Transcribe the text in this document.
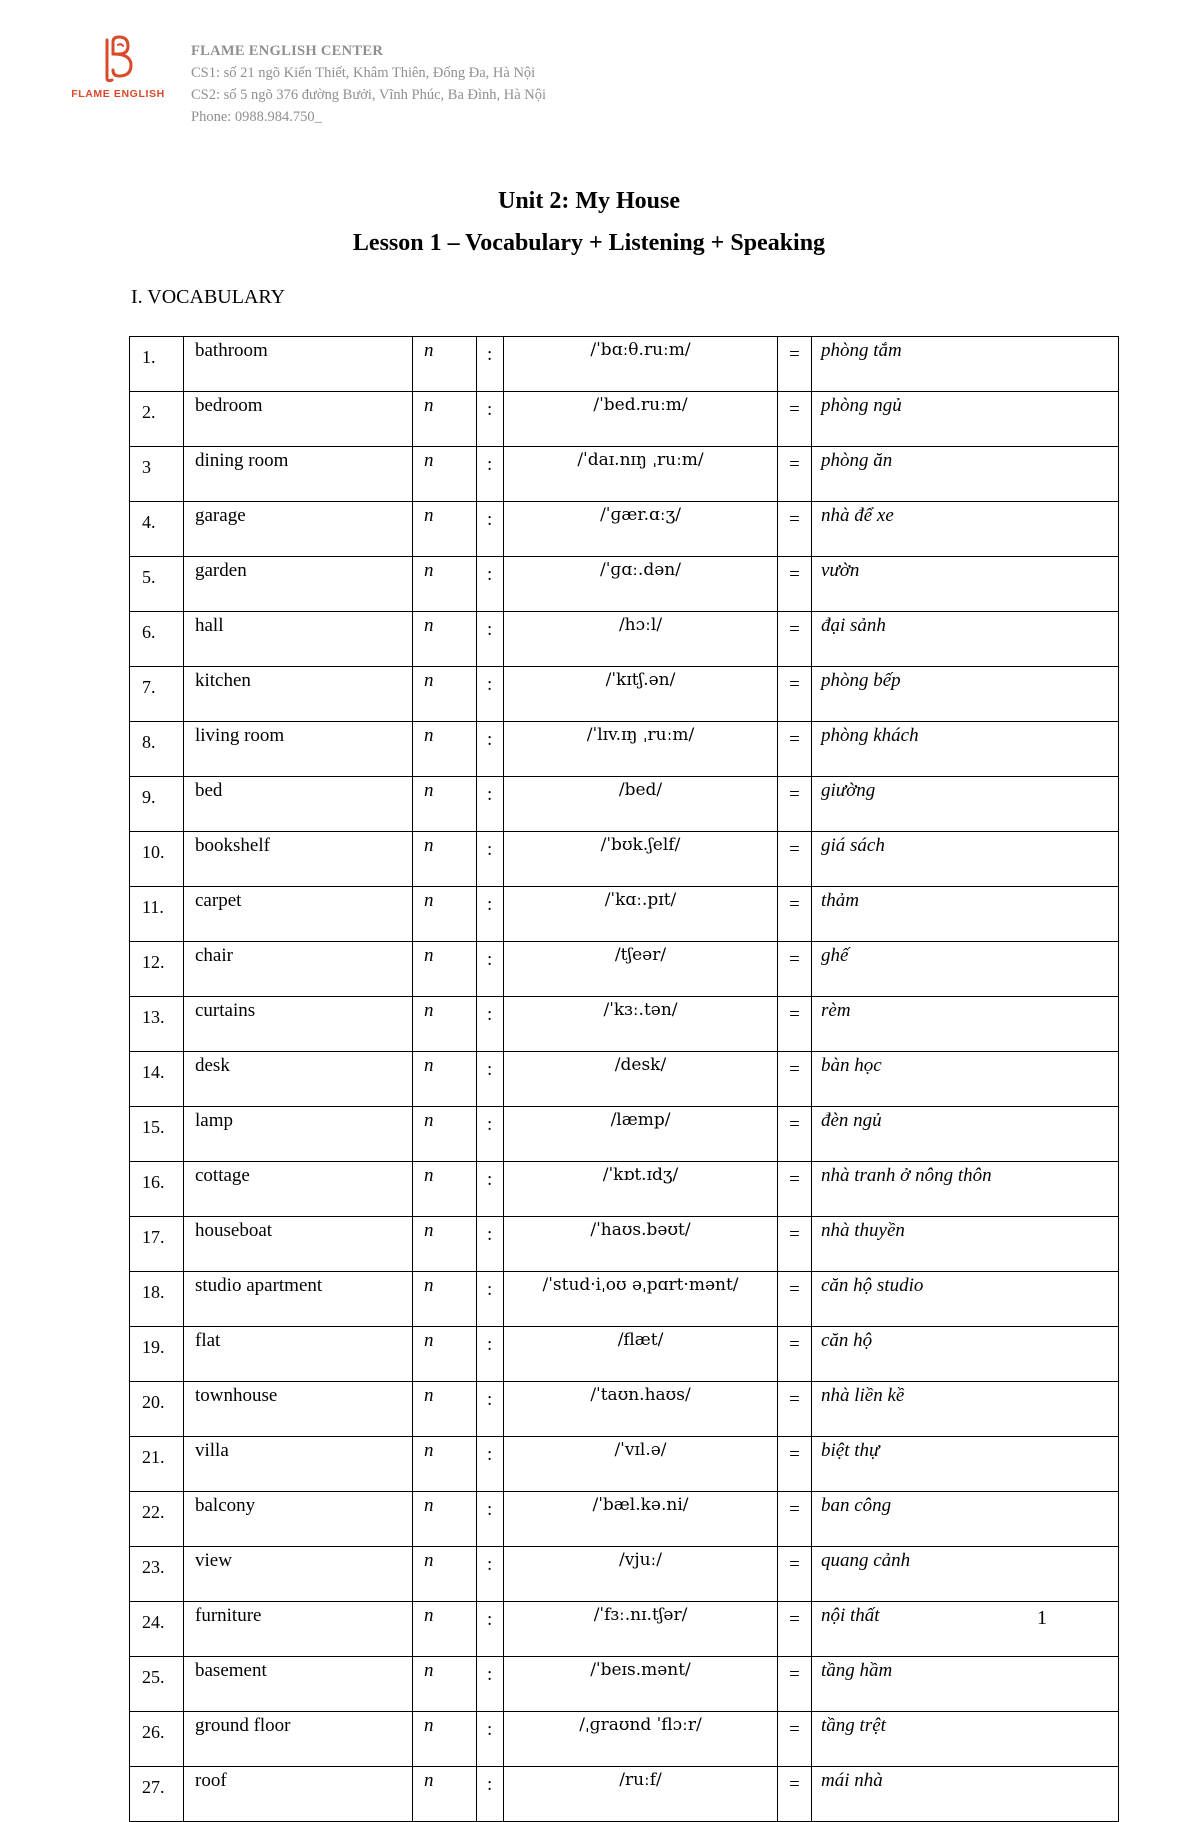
FLAME ENGLISH
FLAME ENGLISH CENTER
CS1: số 21 ngõ Kiến Thiết, Khâm Thiên, Đống Đa, Hà Nội
CS2: số 5 ngõ 376 đường Bưởi, Vĩnh Phúc, Ba Đình, Hà Nội
Phone: 0988.984.750_
Unit 2: My House
Lesson 1 – Vocabulary + Listening + Speaking
I. VOCABULARY
1.	bathroom	n	:	/ˈbɑːθ.ruːm/	=	phòng tắm
2.	bedroom	n	:	/ˈbed.ruːm/	=	phòng ngủ
3	dining room	n	:	/ˈdaɪ.nɪŋ ˌruːm/	=	phòng ăn
4.	garage	n	:	/ˈɡær.ɑːʒ/	=	nhà để xe
5.	garden	n	:	/ˈɡɑː.dən/	=	vườn
6.	hall	n	:	/hɔːl/	=	đại sảnh
7.	kitchen	n	:	/ˈkɪtʃ.ən/	=	phòng bếp
8.	living room	n	:	/ˈlɪv.ɪŋ ˌruːm/	=	phòng khách
9.	bed	n	:	/bed/	=	giường
10.	bookshelf	n	:	/ˈbʊk.ʃelf/	=	giá sách
11.	carpet	n	:	/ˈkɑː.pɪt/	=	thảm
12.	chair	n	:	/tʃeər/	=	ghế
13.	curtains	n	:	/ˈkɜː.tən/	=	rèm
14.	desk	n	:	/desk/	=	bàn học
15.	lamp	n	:	/læmp/	=	đèn ngủ
16.	cottage	n	:	/ˈkɒt.ɪdʒ/	=	nhà tranh ở nông thôn
17.	houseboat	n	:	/ˈhaʊs.bəʊt/	=	nhà thuyền
18.	studio apartment	n	:	/ˈstud·iˌoʊ əˌpɑrt·mənt/	=	căn hộ studio
19.	flat	n	:	/flæt/	=	căn hộ
20.	townhouse	n	:	/ˈtaʊn.haʊs/	=	nhà liền kề
21.	villa	n	:	/ˈvɪl.ə/	=	biệt thự
22.	balcony	n	:	/ˈbæl.kə.ni/	=	ban công
23.	view	n	:	/vjuː/	=	quang cảnh
24.	furniture	n	:	/ˈfɜː.nɪ.tʃər/	=	nội thất
25.	basement	n	:	/ˈbeɪs.mənt/	=	tầng hầm
26.	ground floor	n	:	/ˌɡraʊnd ˈflɔːr/	=	tầng trệt
27.	roof	n	:	/ruːf/	=	mái nhà
1
